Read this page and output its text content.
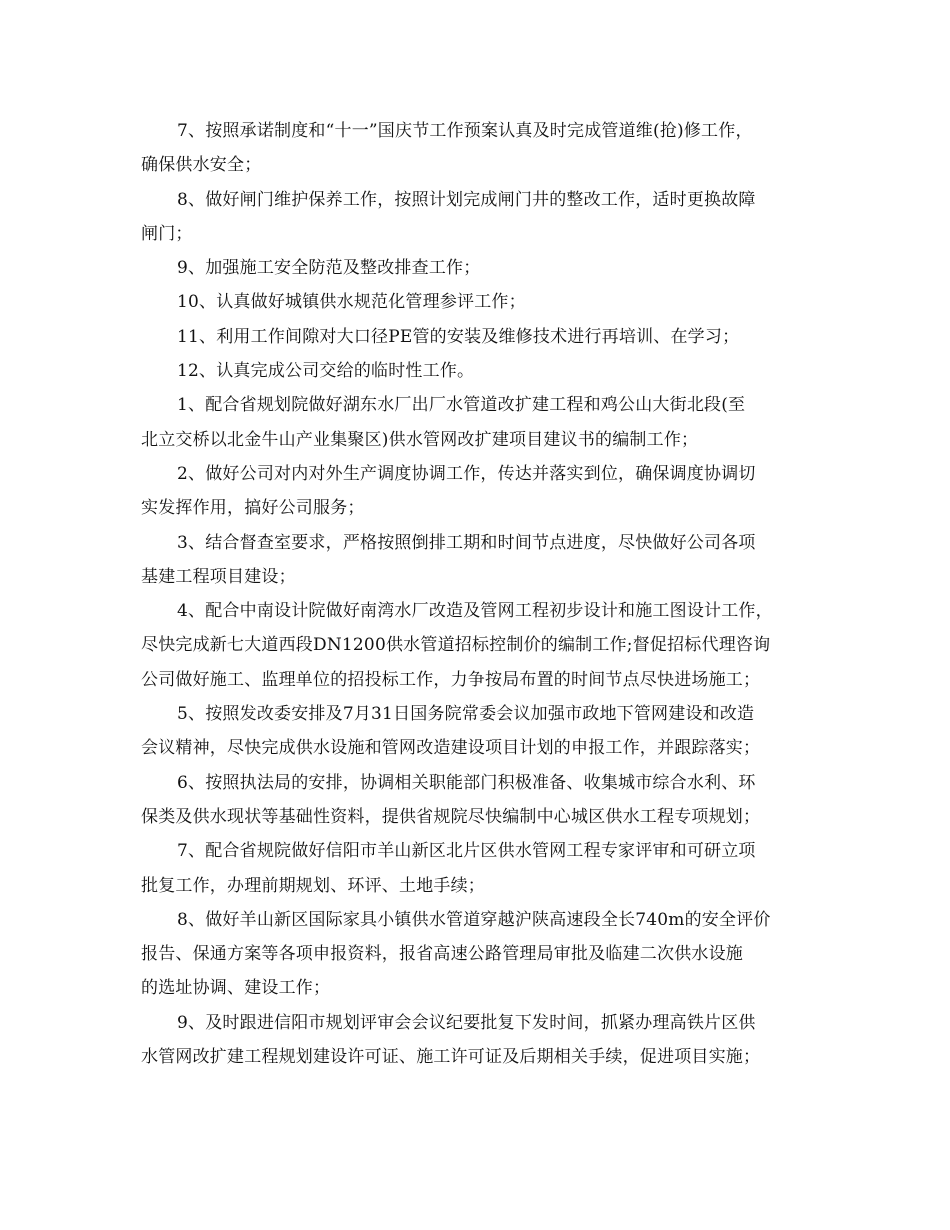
7、按照承诺制度和“十一”国庆节工作预案认真及时完成管道维(抢)修工作，
确保供水安全；

8、做好闸门维护保养工作，按照计划完成闸门井的整改工作，适时更换故障
闸门；

9、加强施工安全防范及整改排查工作；

10、认真做好城镇供水规范化管理参评工作；

11、利用工作间隙对大口径PE管的安装及维修技术进行再培训、在学习；

12、认真完成公司交给的临时性工作。

1、配合省规划院做好湖东水厂出厂水管道改扩建工程和鸡公山大街北段(至
北立交桥以北金牛山产业集聚区)供水管网改扩建项目建议书的编制工作；

2、做好公司对内对外生产调度协调工作，传达并落实到位，确保调度协调切
实发挥作用，搞好公司服务；

3、结合督查室要求，严格按照倒排工期和时间节点进度，尽快做好公司各项
基建工程项目建设；

4、配合中南设计院做好南湾水厂改造及管网工程初步设计和施工图设计工作，
尽快完成新七大道西段DN1200供水管道招标控制价的编制工作;督促招标代理咨询
公司做好施工、监理单位的招投标工作，力争按局布置的时间节点尽快进场施工；

5、按照发改委安排及7月31日国务院常委会议加强市政地下管网建设和改造
会议精神，尽快完成供水设施和管网改造建设项目计划的申报工作，并跟踪落实；

6、按照执法局的安排，协调相关职能部门积极准备、收集城市综合水利、环
保类及供水现状等基础性资料，提供省规院尽快编制中心城区供水工程专项规划；

7、配合省规院做好信阳市羊山新区北片区供水管网工程专家评审和可研立项
批复工作，办理前期规划、环评、土地手续；

8、做好羊山新区国际家具小镇供水管道穿越沪陕高速段全长740m的安全评价
报告、保通方案等各项申报资料，报省高速公路管理局审批及临建二次供水设施
的选址协调、建设工作；

9、及时跟进信阳市规划评审会会议纪要批复下发时间，抓紧办理高铁片区供
水管网改扩建工程规划建设许可证、施工许可证及后期相关手续，促进项目实施；
